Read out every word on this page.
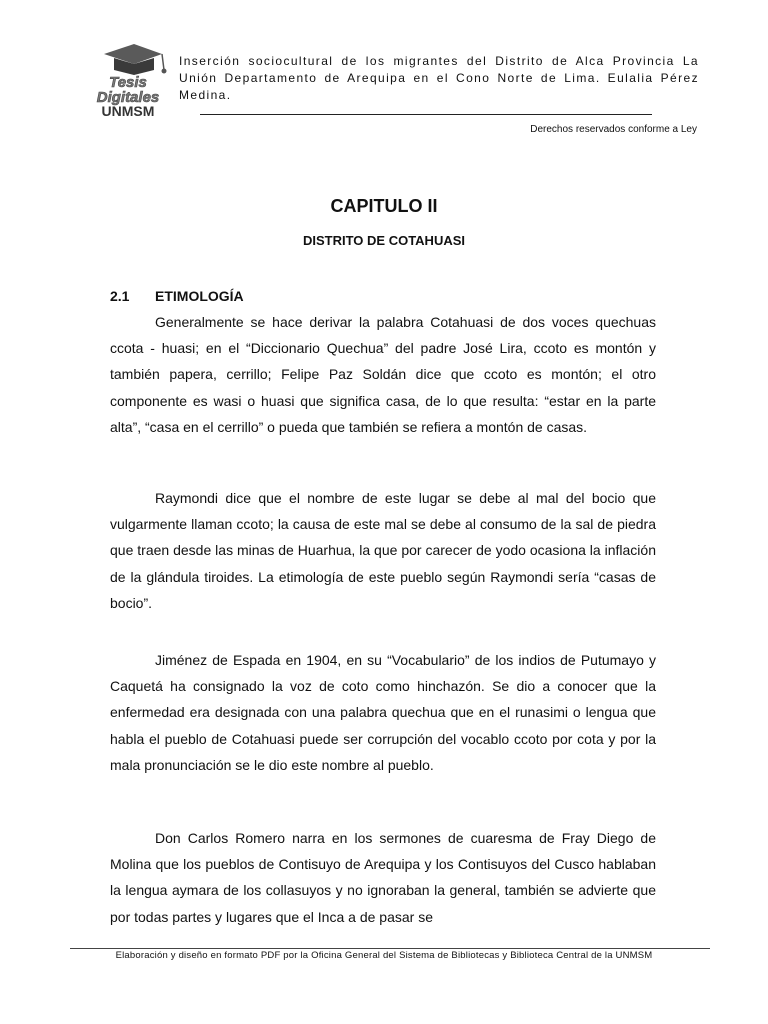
Tesis
Digitales
UNMSM
Inserción sociocultural de los migrantes del Distrito de Alca Provincia La Unión Departamento de Arequipa en el Cono Norte de Lima. Eulalia Pérez Medina.
Derechos reservados conforme a Ley
CAPITULO II
DISTRITO DE COTAHUASI
2.1 ETIMOLOGÍA

Generalmente se hace derivar la palabra Cotahuasi de dos voces quechuas ccota - huasi; en el “Diccionario Quechua” del padre José Lira, ccoto es montón y también papera, cerrillo; Felipe Paz Soldán dice que ccoto es montón; el otro componente es wasi o huasi que significa casa, de lo que resulta: “estar en la parte alta”, “casa en el cerrillo” o pueda que también se refiera a montón de casas.

Raymondi dice que el nombre de este lugar se debe al mal del bocio que vulgarmente llaman ccoto; la causa de este mal se debe al consumo de la sal de piedra que traen desde las minas de Huarhua, la que por carecer de yodo ocasiona la inflación de la glándula tiroides. La etimología de este pueblo según Raymondi sería “casas de bocio”.

Jiménez de Espada en 1904, en su “Vocabulario” de los indios de Putumayo y Caquetá ha consignado la voz de coto como hinchazón. Se dio a conocer que la enfermedad era designada con una palabra quechua que en el runasimi o lengua que habla el pueblo de Cotahuasi puede ser corrupción del vocablo ccoto por cota y por la mala pronunciación se le dio este nombre al pueblo.

Don Carlos Romero narra en los sermones de cuaresma de Fray Diego de Molina que los pueblos de Contisuyo de Arequipa y los Contisuyos del Cusco hablaban la lengua aymara de los collasuyos y no ignoraban la general, también se advierte que por todas partes y lugares que el Inca a de pasar se

Elaboración y diseño en formato PDF por la Oficina General del Sistema de Bibliotecas y Biblioteca Central de la UNMSM
